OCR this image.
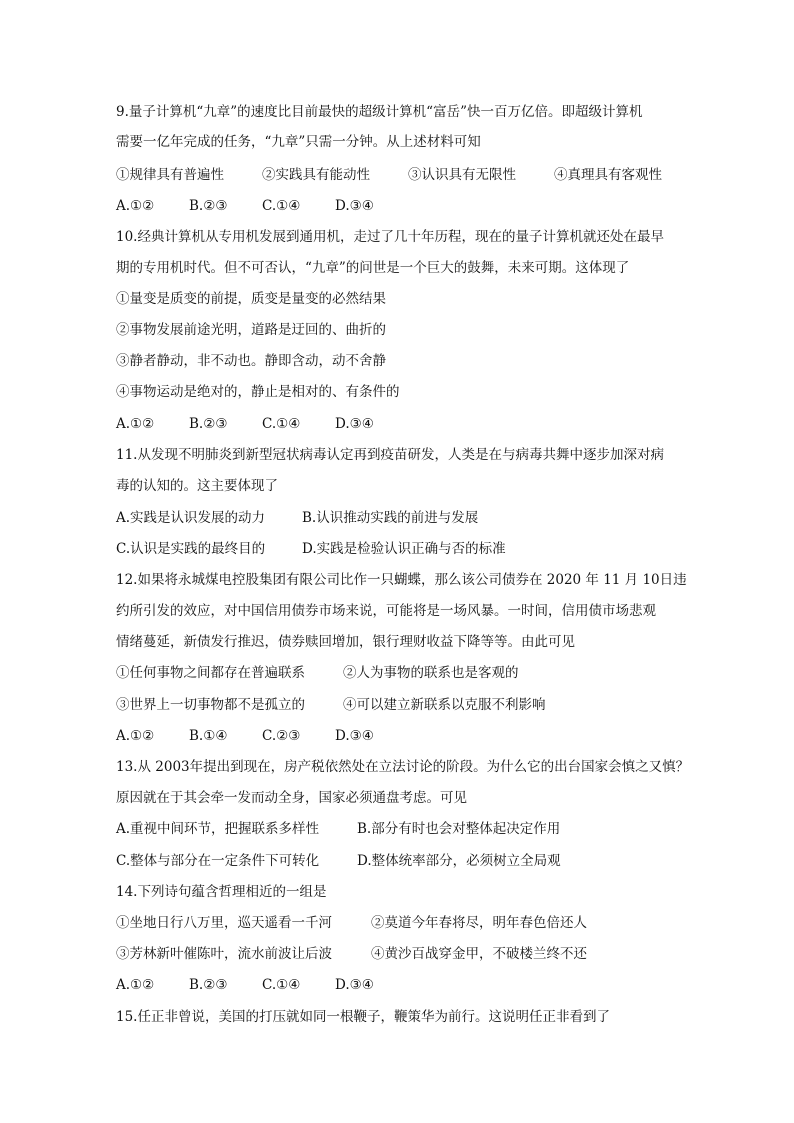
9.量子计算机“九章”的速度比目前最快的超级计算机“富岳”快一百万亿倍。即超级计算机
需要一亿年完成的任务，“九章”只需一分钟。从上述材料可知
①规律具有普遍性	②实践具有能动性	③认识具有无限性	④真理具有客观性
A.①②	B.②③	C.①④	D.③④
10.经典计算机从专用机发展到通用机，走过了几十年历程，现在的量子计算机就还处在最早
期的专用机时代。但不可否认，“九章”的问世是一个巨大的鼓舞，未来可期。这体现了
①量变是质变的前提，质变是量变的必然结果
②事物发展前途光明，道路是迂回的、曲折的
③静者静动，非不动也。静即含动，动不舍静
④事物运动是绝对的，静止是相对的、有条件的
A.①②	B.②③	C.①④	D.③④
11.从发现不明肺炎到新型冠状病毒认定再到疫苗研发，人类是在与病毒共舞中逐步加深对病
毒的认知的。这主要体现了
A.实践是认识发展的动力	B.认识推动实践的前进与发展
C.认识是实践的最终目的	D.实践是检验认识正确与否的标准
12.如果将永城煤电控股集团有限公司比作一只蝴蝶，那么该公司债券在 2020 年 11 月 10日违
约所引发的效应，对中国信用债券市场来说，可能将是一场风暴。一时间，信用债市场悲观
情绪蔓延，新债发行推迟，债券赎回增加，银行理财收益下降等等。由此可见
①任何事物之间都存在普遍联系	②人为事物的联系也是客观的
③世界上一切事物都不是孤立的	④可以建立新联系以克服不利影响
A.①②	B.①④	C.②③	D.③④
13.从 2003年提出到现在，房产税依然处在立法讨论的阶段。为什么它的出台国家会慎之又慎？
原因就在于其会牵一发而动全身，国家必须通盘考虑。可见
A.重视中间环节，把握联系多样性	B.部分有时也会对整体起决定作用
C.整体与部分在一定条件下可转化	D.整体统率部分，必须树立全局观
14.下列诗句蕴含哲理相近的一组是
①坐地日行八万里，巡天遥看一千河	②莫道今年春将尽，明年春色倍还人
③芳林新叶催陈叶，流水前波让后波	④黄沙百战穿金甲，不破楼兰终不还
A.①②	B.②③	C.①④	D.③④
15.任正非曾说，美国的打压就如同一根鞭子，鞭策华为前行。这说明任正非看到了
